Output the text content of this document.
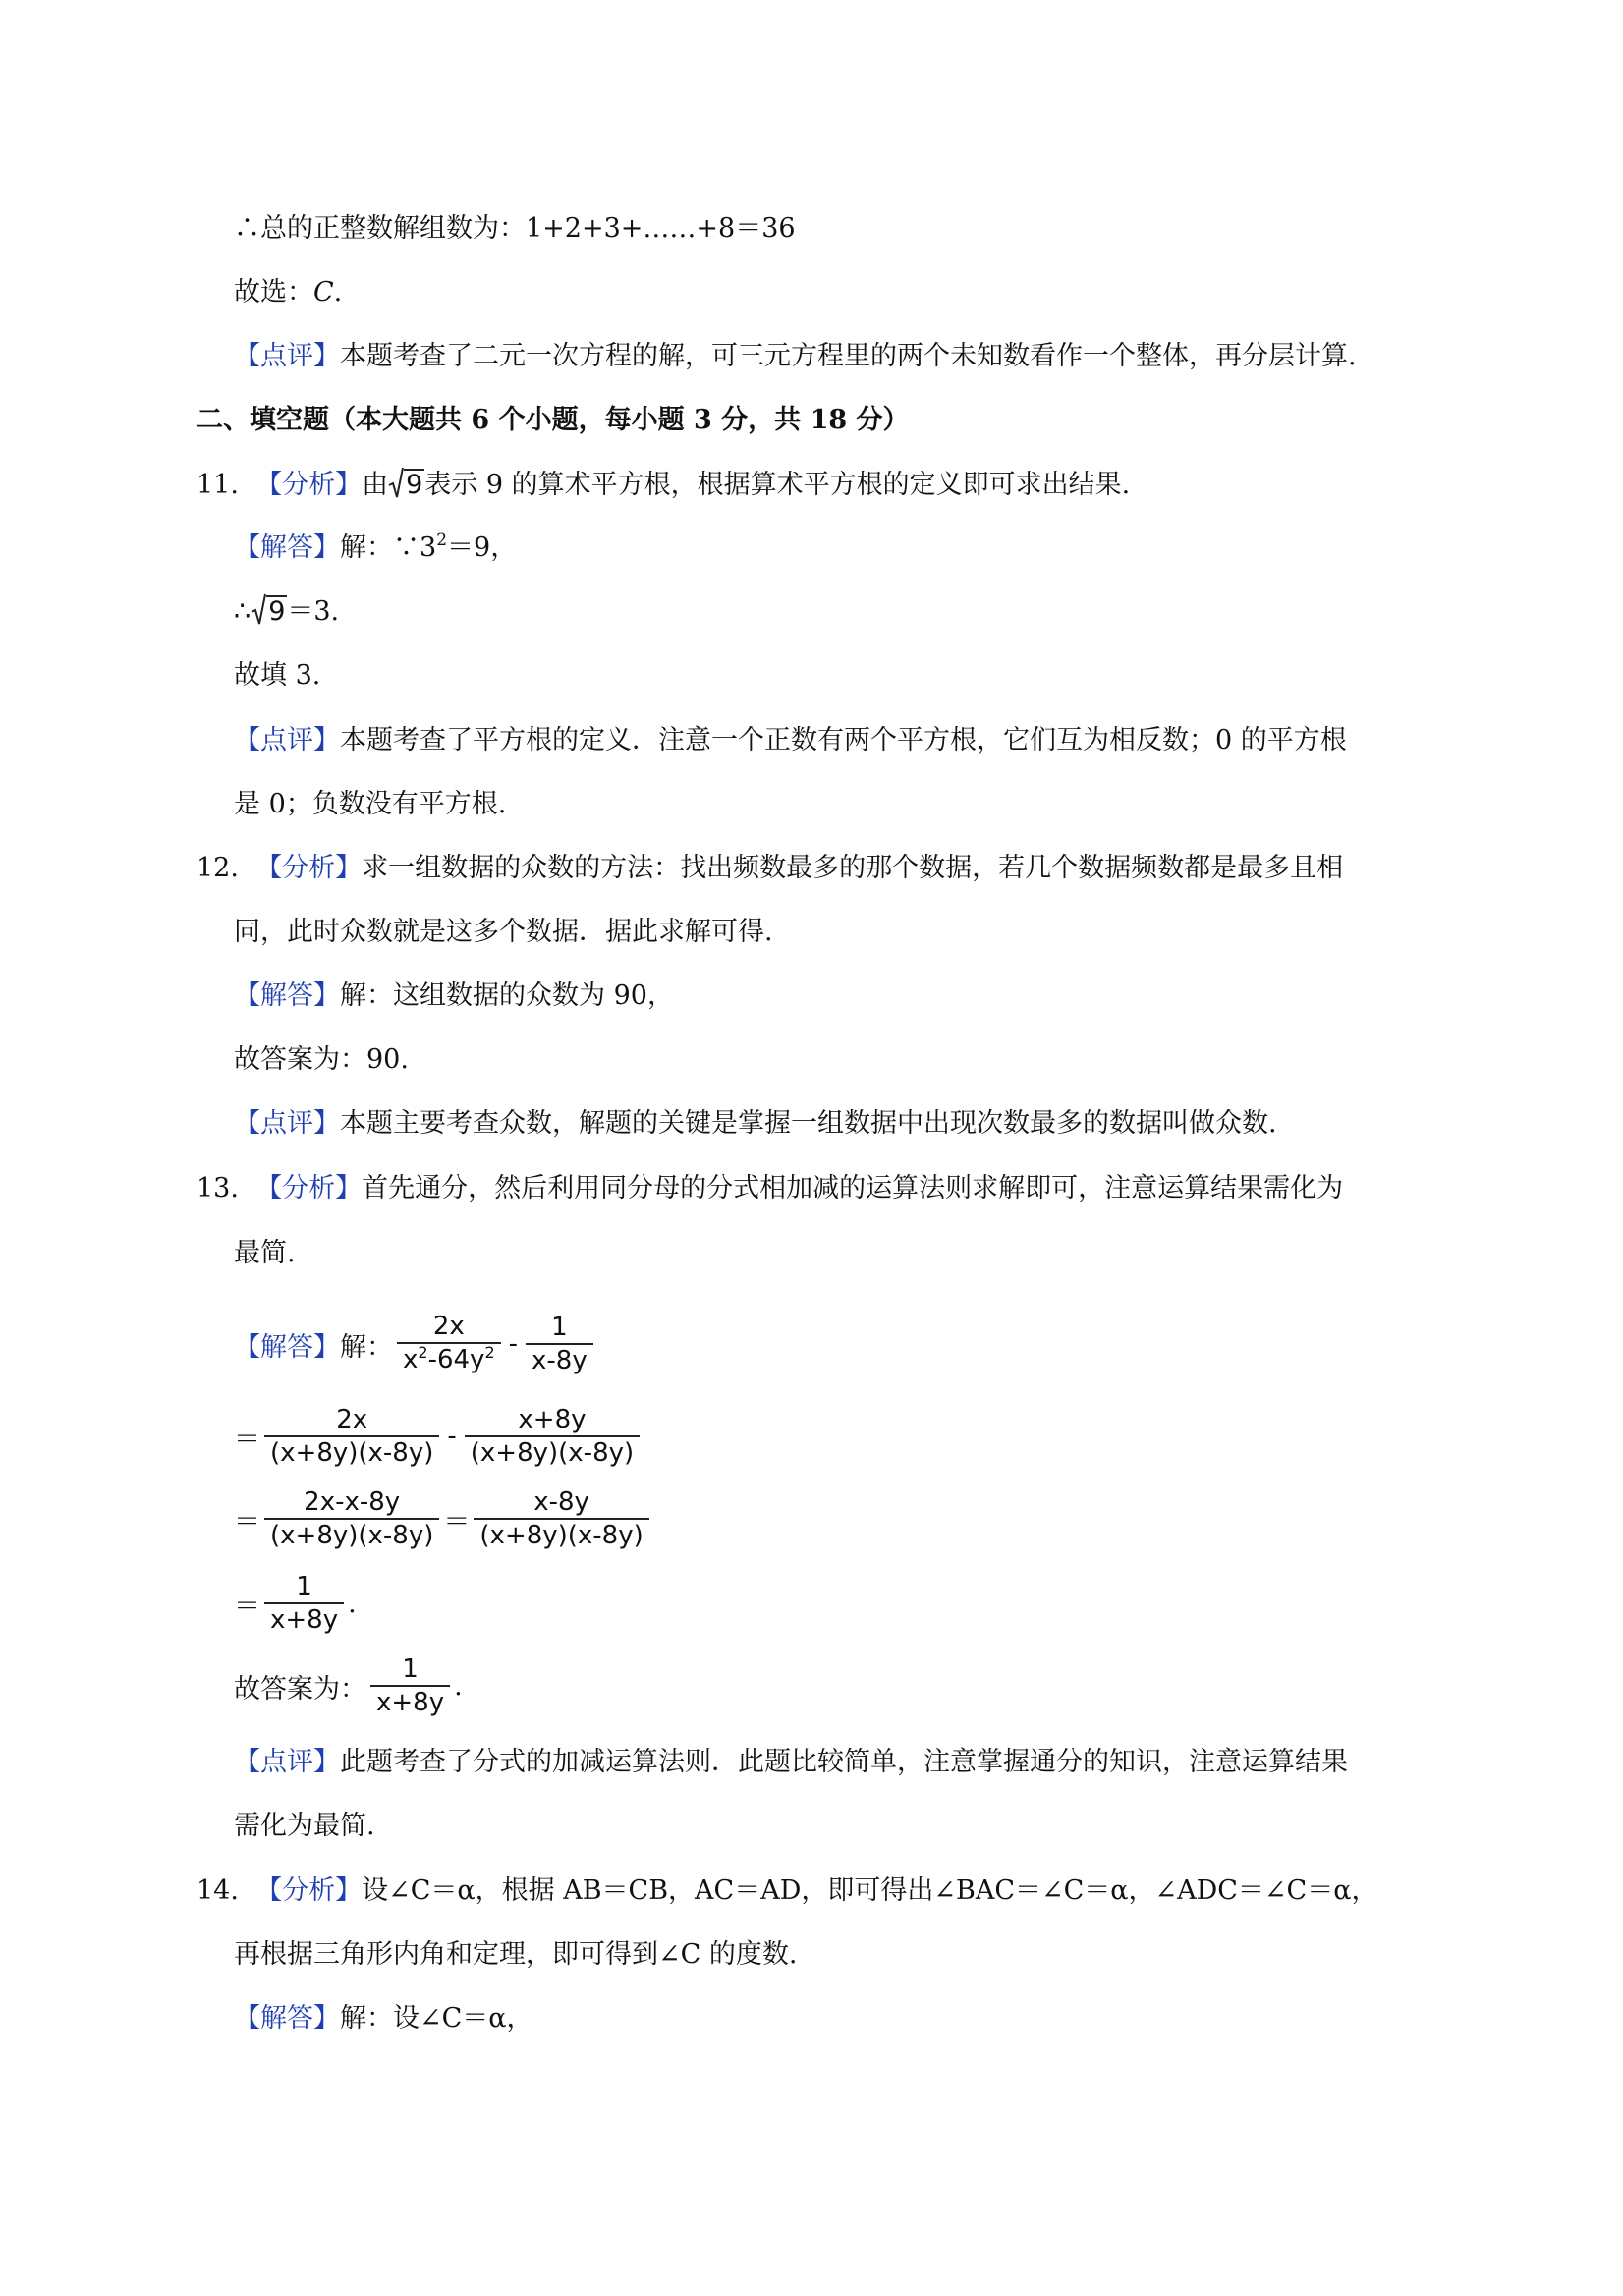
∴总的正整数解组数为：1+2+3+……+8＝36
故选：C.
【点评】本题考查了二元一次方程的解，可三元方程里的两个未知数看作一个整体，再分层计算.
二、填空题（本大题共 6 个小题，每小题 3 分，共 18 分）
11. 【分析】由 9表示 9 的算术平方根，根据算术平方根的定义即可求出结果.
【解答】解：$\because 3^2=9$，
∴ 9＝3.
故填 3.
【点评】本题考查了平方根的定义．注意一个正数有两个平方根，它们互为相反数；0 的平方根
是 0；负数没有平方根.
12. 【分析】求一组数据的众数的方法：找出频数最多的那个数据，若几个数据频数都是最多且相
同，此时众数就是这多个数据．据此求解可得.
【解答】解：这组数据的众数为 90，
故答案为：90.
【点评】本题主要考查众数，解题的关键是掌握一组数据中出现次数最多的数据叫做众数.
13. 【分析】首先通分，然后利用同分母的分式相加减的运算法则求解即可，注意运算结果需化为
最简.
【解答】 解： $\frac{2x}{x^2-64y^2} - \frac{1}{x-8y}$
＝ $\frac{2x}{(x+8y)(x-8y)} - \frac{x+8y}{(x+8y)(x-8y)}$
＝ $\frac{2x-x-8y}{(x+8y)(x-8y)} = \frac{x-8y}{(x+8y)(x-8y)}$
＝ $\frac{1}{x+8y}$ .
故答案为： $\frac{1}{x+8y}$ .
【点评】此题考查了分式的加减运算法则．此题比较简单，注意掌握通分的知识，注意运算结果
需化为最简.
14. 【分析】设∠C＝α，根据 AB＝CB，AC＝AD，即可得出∠BAC＝∠C＝α，∠ADC＝∠C＝α，
再根据三角形内角和定理，即可得到∠C 的度数.
【解答】解：设∠C＝α，
